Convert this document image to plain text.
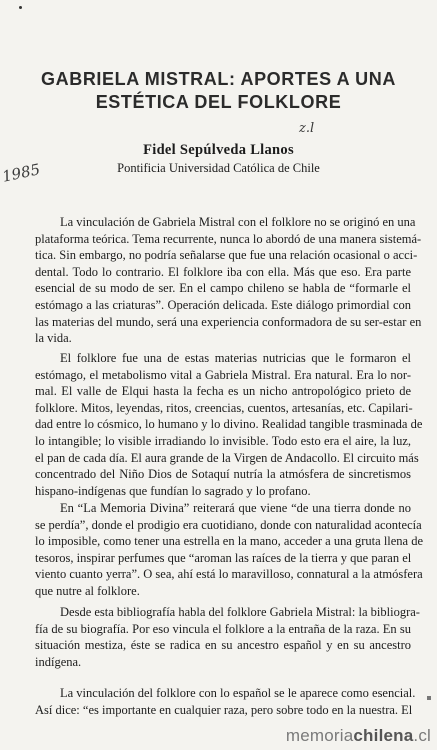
GABRIELA MISTRAL: APORTES A UNA
ESTÉTICA DEL FOLKLORE
z.l
1985
Fidel Sepúlveda Llanos
Pontificia Universidad Católica de Chile
La vinculación de Gabriela Mistral con el folklore no se originó en una
plataforma teórica. Tema recurrente, nunca lo abordó de una manera sistemá-
tica. Sin embargo, no podría señalarse que fue una relación ocasional o acci-
dental. Todo lo contrario. El folklore iba con ella. Más que eso. Era parte
esencial de su modo de ser. En el campo chileno se habla de “formarle el
estómago a las criaturas”. Operación delicada. Este diálogo primordial con
las materias del mundo, será una experiencia conformadora de su ser-estar en
la vida.
El folklore fue una de estas materias nutricias que le formaron el
estómago, el metabolismo vital a Gabriela Mistral. Era natural. Era lo nor-
mal. El valle de Elqui hasta la fecha es un nicho antropológico prieto de
folklore. Mitos, leyendas, ritos, creencias, cuentos, artesanías, etc. Capilari-
dad entre lo cósmico, lo humano y lo divino. Realidad tangible trasminada de
lo intangible; lo visible irradiando lo invisible. Todo esto era el aire, la luz,
el pan de cada día. El aura grande de la Virgen de Andacollo. El circuito más
concentrado del Niño Dios de Sotaquí nutría la atmósfera de sincretismos
hispano-indígenas que fundían lo sagrado y lo profano.
En “La Memoria Divina” reiterará que viene “de una tierra donde no
se perdía”, donde el prodigio era cuotidiano, donde con naturalidad acontecía
lo imposible, como tener una estrella en la mano, acceder a una gruta llena de
tesoros, inspirar perfumes que “aroman las raíces de la tierra y que paran el
viento cuanto yerra”. O sea, ahí está lo maravilloso, connatural a la atmósfera
que nutre al folklore.
Desde esta bibliografía habla del folklore Gabriela Mistral: la bibliogra-
fía de su biografía. Por eso vincula el folklore a la entraña de la raza. En su
situación mestiza, éste se radica en su ancestro español y en su ancestro
indígena.
La vinculación del folklore con lo español se le aparece como esencial.
Así dice: “es importante en cualquier raza, pero sobre todo en la nuestra. El
memoriachilena.cl
